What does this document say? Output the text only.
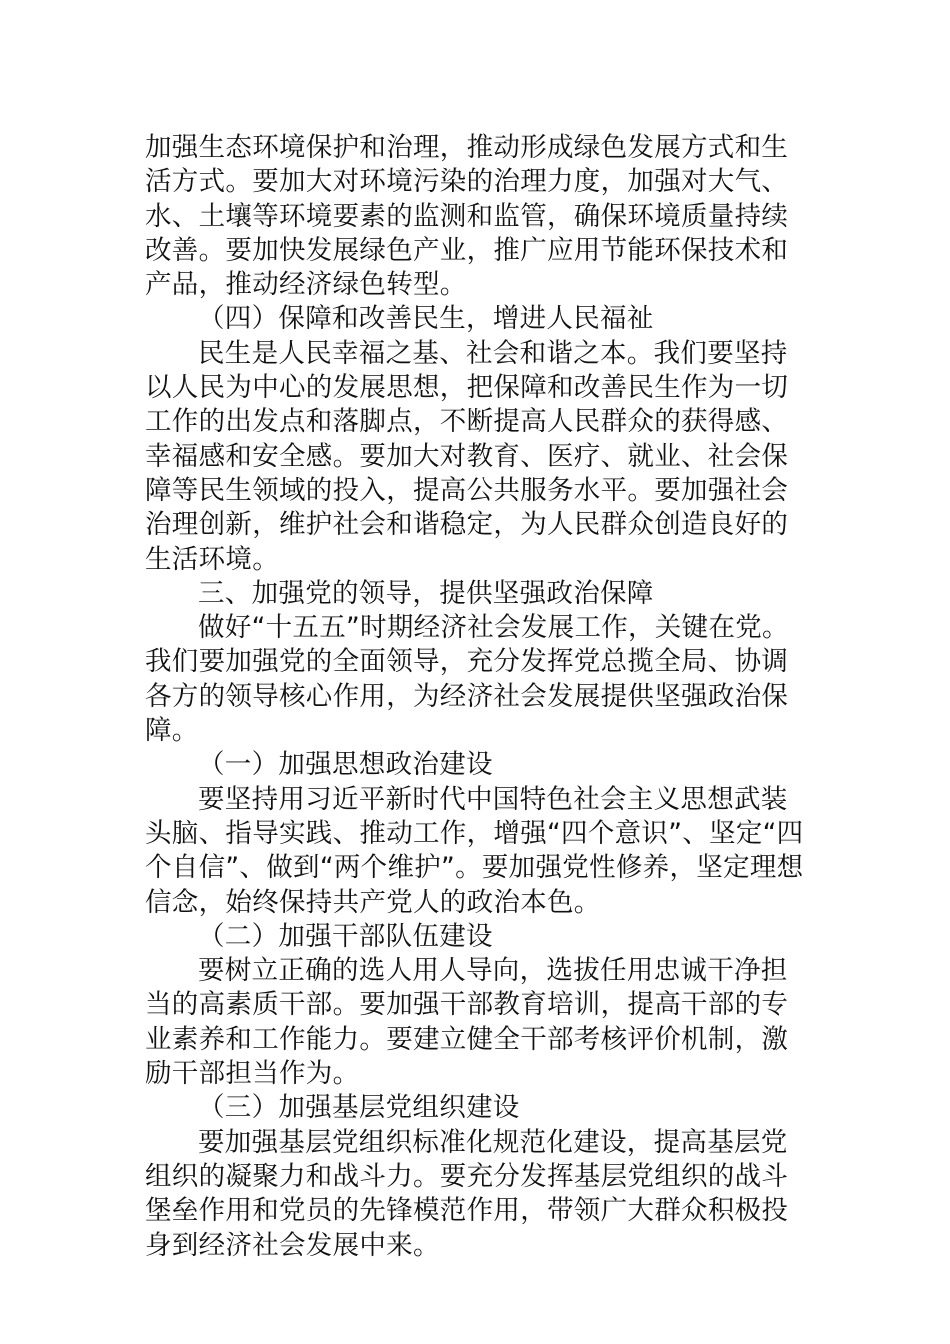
加强生态环境保护和治理，推动形成绿色发展方式和生活方式。要加大对环境污染的治理力度，加强对大气、水、土壤等环境要素的监测和监管，确保环境质量持续改善。要加快发展绿色产业，推广应用节能环保技术和产品，推动经济绿色转型。

（四）保障和改善民生，增进人民福祉

民生是人民幸福之基、社会和谐之本。我们要坚持以人民为中心的发展思想，把保障和改善民生作为一切工作的出发点和落脚点，不断提高人民群众的获得感、幸福感和安全感。要加大对教育、医疗、就业、社会保障等民生领域的投入，提高公共服务水平。要加强社会治理创新，维护社会和谐稳定，为人民群众创造良好的生活环境。

三、加强党的领导，提供坚强政治保障

做好“十五五”时期经济社会发展工作，关键在党。我们要加强党的全面领导，充分发挥党总揽全局、协调各方的领导核心作用，为经济社会发展提供坚强政治保障。

（一）加强思想政治建设

要坚持用习近平新时代中国特色社会主义思想武装头脑、指导实践、推动工作，增强“四个意识”、坚定“四个自信”、做到“两个维护”。要加强党性修养，坚定理想信念，始终保持共产党人的政治本色。

（二）加强干部队伍建设

要树立正确的选人用人导向，选拔任用忠诚干净担当的高素质干部。要加强干部教育培训，提高干部的专业素养和工作能力。要建立健全干部考核评价机制，激励干部担当作为。

（三）加强基层党组织建设

要加强基层党组织标准化规范化建设，提高基层党组织的凝聚力和战斗力。要充分发挥基层党组织的战斗堡垒作用和党员的先锋模范作用，带领广大群众积极投身到经济社会发展中来。
